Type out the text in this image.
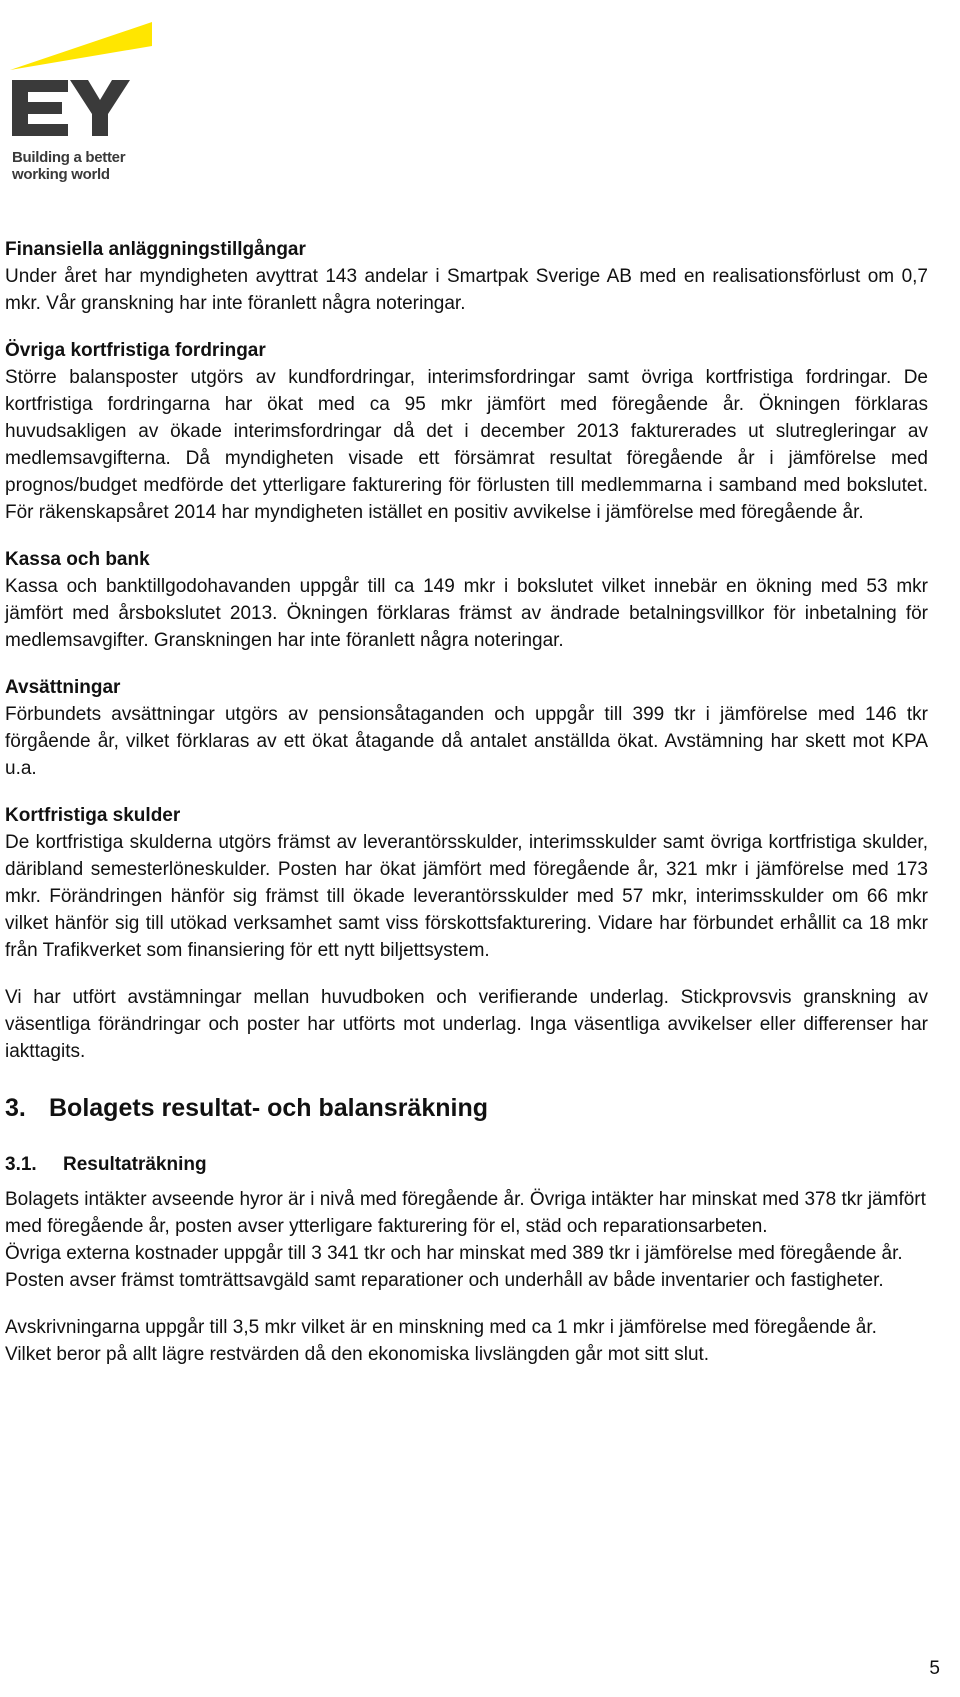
Building a better
working world
Finansiella anläggningstillgångar

Under året har myndigheten avyttrat 143 andelar i Smartpak Sverige AB med en realisationsförlust om 0,7 mkr. Vår granskning har inte föranlett några noteringar.

Övriga kortfristiga fordringar

Större balansposter utgörs av kundfordringar, interimsfordringar samt övriga kortfristiga fordringar. De kortfristiga fordringarna har ökat med ca 95 mkr jämfört med föregående år. Ökningen förklaras huvudsakligen av ökade interimsfordringar då det i december 2013 fakturerades ut slutregleringar av medlemsavgifterna. Då myndigheten visade ett försämrat resultat föregående år i jämförelse med prognos/budget medförde det ytterligare fakturering för förlusten till medlemmarna i samband med bokslutet. För räkenskapsåret 2014 har myndigheten istället en positiv avvikelse i jämförelse med föregående år.

Kassa och bank

Kassa och banktillgodohavanden uppgår till ca 149 mkr i bokslutet vilket innebär en ökning med 53 mkr jämfört med årsbokslutet 2013. Ökningen förklaras främst av ändrade betalningsvillkor för inbetalning för medlemsavgifter. Granskningen har inte föranlett några noteringar.

Avsättningar

Förbundets avsättningar utgörs av pensionsåtaganden och uppgår till 399 tkr i jämförelse med 146 tkr förgående år, vilket förklaras av ett ökat åtagande då antalet anställda ökat. Avstämning har skett mot KPA u.a.

Kortfristiga skulder

De kortfristiga skulderna utgörs främst av leverantörsskulder, interimsskulder samt övriga kortfristiga skulder, däribland semesterlöneskulder. Posten har ökat jämfört med föregående år, 321 mkr i jämförelse med 173 mkr. Förändringen hänför sig främst till ökade leverantörsskulder med 57 mkr, interimsskulder om 66 mkr vilket hänför sig till utökad verksamhet samt viss förskottsfakturering. Vidare har förbundet erhållit ca 18 mkr från Trafikverket som finansiering för ett nytt biljettsystem.

Vi har utfört avstämningar mellan huvudboken och verifierande underlag. Stickprovsvis granskning av väsentliga förändringar och poster har utförts mot underlag. Inga väsentliga avvikelser eller differenser har iakttagits.

3. Bolagets resultat- och balansräkning
3.1.	Resultaträkning

Bolagets intäkter avseende hyror är i nivå med föregående år. Övriga intäkter har minskat med 378 tkr jämfört med föregående år, posten avser ytterligare fakturering för el, städ och reparationsarbeten.

Övriga externa kostnader uppgår till 3 341 tkr och har minskat med 389 tkr i jämförelse med föregående år. Posten avser främst tomträttsavgäld samt reparationer och underhåll av både inventarier och fastigheter.

Avskrivningarna uppgår till 3,5 mkr vilket är en minskning med ca 1 mkr i jämförelse med föregående år. Vilket beror på allt lägre restvärden då den ekonomiska livslängden går mot sitt slut.

5
